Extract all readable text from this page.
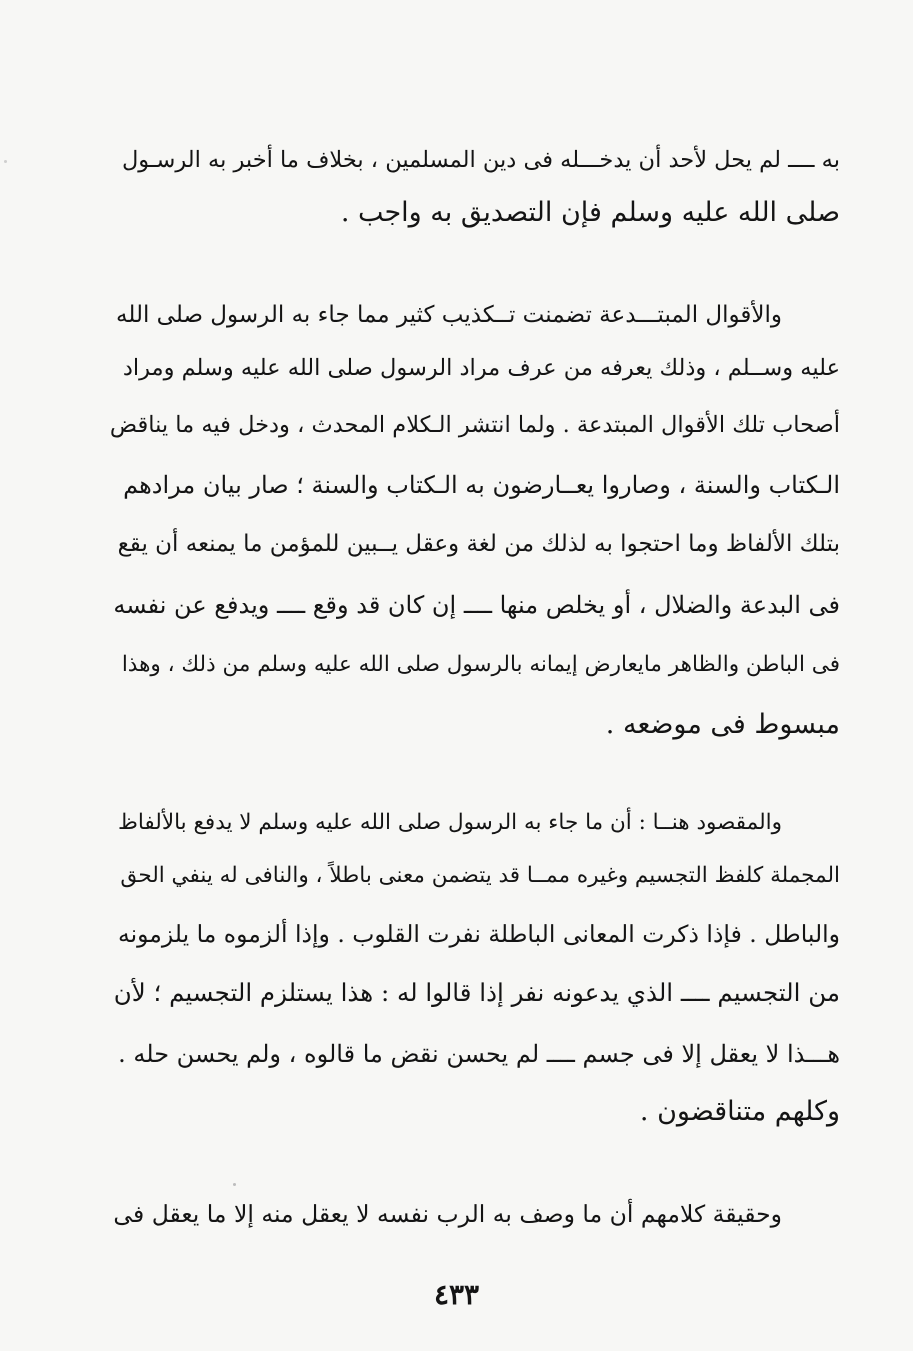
به ــــ لم يحل لأحد أن يدخـــله فى دين المسلمين ، بخلاف ما أخبر به الرسـول
صلى الله عليه وسلم فإن التصديق به واجب .
والأقوال المبتـــدعة تضمنت تــكذيب كثير مما جاء به الرسول صلى الله
عليه وســلم ، وذلك يعرفه من عرف مراد الرسول صلى الله عليه وسلم ومراد
أصحاب تلك الأقوال المبتدعة . ولما انتشر الـكلام المحدث ، ودخل فيه ما يناقض
الـكتاب والسنة ، وصاروا يعــارضون به الـكتاب والسنة ؛ صار بيان مرادهم
بتلك الألفاظ وما احتجوا به لذلك من لغة وعقل يــبين للمؤمن ما يمنعه أن يقع
فى البدعة والضلال ، أو يخلص منها ــــ إن كان قد وقع ــــ ويدفع عن نفسه
فى الباطن والظاهر مايعارض إيمانه بالرسول صلى الله عليه وسلم من ذلك ، وهذا
مبسوط فى موضعه .
والمقصود هنــا : أن ما جاء به الرسول صلى الله عليه وسلم لا يدفع بالألفاظ
المجملة كلفظ التجسيم وغيره ممــا قد يتضمن معنى باطلاً ، والنافى له ينفي الحق
والباطل . فإذا ذكرت المعانى الباطلة نفرت القلوب . وإذا ألزموه ما يلزمونه
من التجسيم ــــ الذي يدعونه نفر إذا قالوا له : هذا يستلزم التجسيم ؛ لأن
هـــذا لا يعقل إلا فى جسم ــــ لم يحسن نقض ما قالوه ، ولم يحسن حله .
وكلهم متناقضون .
وحقيقة كلامهم أن ما وصف به الرب نفسه لا يعقل منه إلا ما يعقل فى
٤٣٣
